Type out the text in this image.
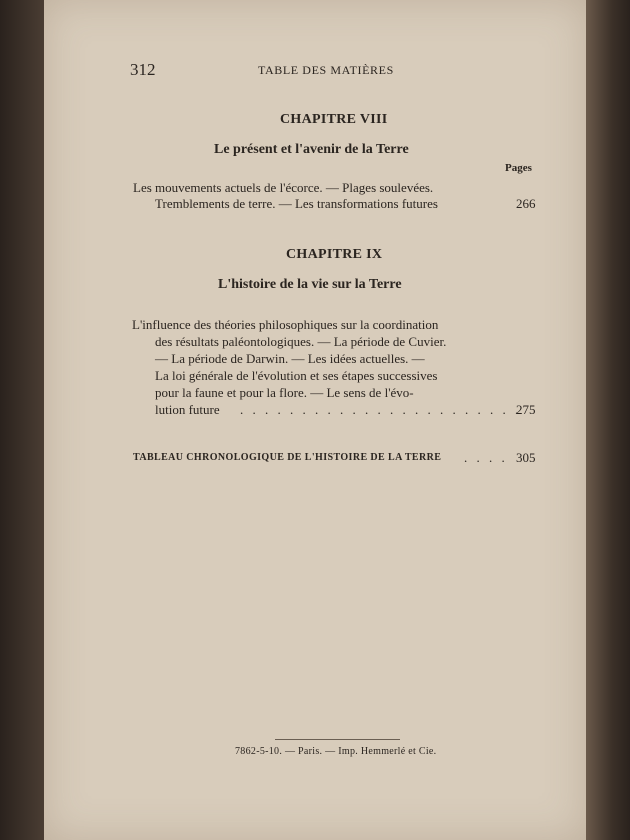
312	TABLE DES MATIÈRES
CHAPITRE VIII
Le présent et l'avenir de la Terre
Pages
Les mouvements actuels de l'écorce. — Plages soulevées.
Tremblements de terre. — Les transformations futures	266
CHAPITRE IX
L'histoire de la vie sur la Terre
L'influence des théories philosophiques sur la coordination
des résultats paléontologiques. — La période de Cuvier.
— La période de Darwin. — Les idées actuelles. —
La loi générale de l'évolution et ses étapes successives
pour la faune et pour la flore. — Le sens de l'évo-
lution future . . . . . . . . . . . . . . . . . . . . . . .
275
TABLEAU CHRONOLOGIQUE DE L'HISTOIRE DE LA TERRE . . . . 305
7862-5-10. — Paris. — Imp. Hemmerlé et Cie.
